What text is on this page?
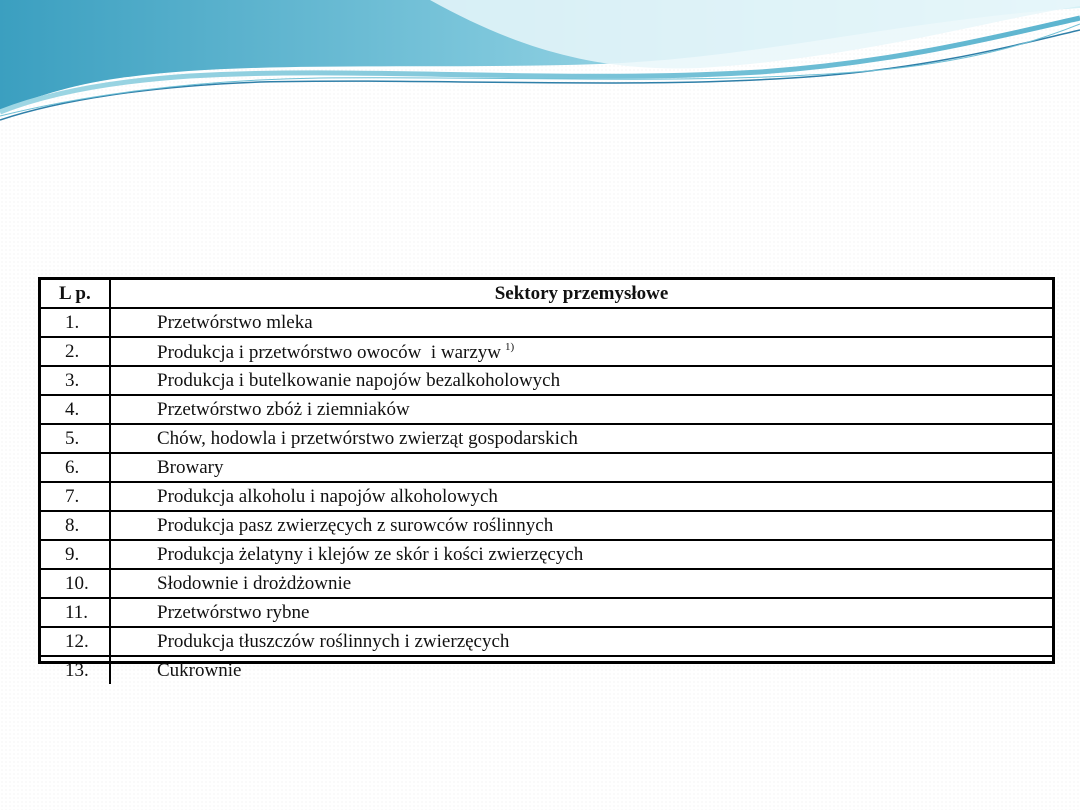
L p.	Sektory przemysłowe
1.	Przetwórstwo mleka
2.	Produkcja i przetwórstwo owoców  i warzyw $^{1)}$
3.	Produkcja i butelkowanie napojów bezalkoholowych
4.	Przetwórstwo zbóż i ziemniaków
5.	Chów, hodowla i przetwórstwo zwierząt gospodarskich
6.	Browary
7.	Produkcja alkoholu i napojów alkoholowych
8.	Produkcja pasz zwierzęcych z surowców roślinnych
9.	Produkcja żelatyny i klejów ze skór i kości zwierzęcych
10.	Słodownie i drożdżownie
11.	Przetwórstwo rybne
12.	Produkcja tłuszczów roślinnych i zwierzęcych
13.	Cukrownie
